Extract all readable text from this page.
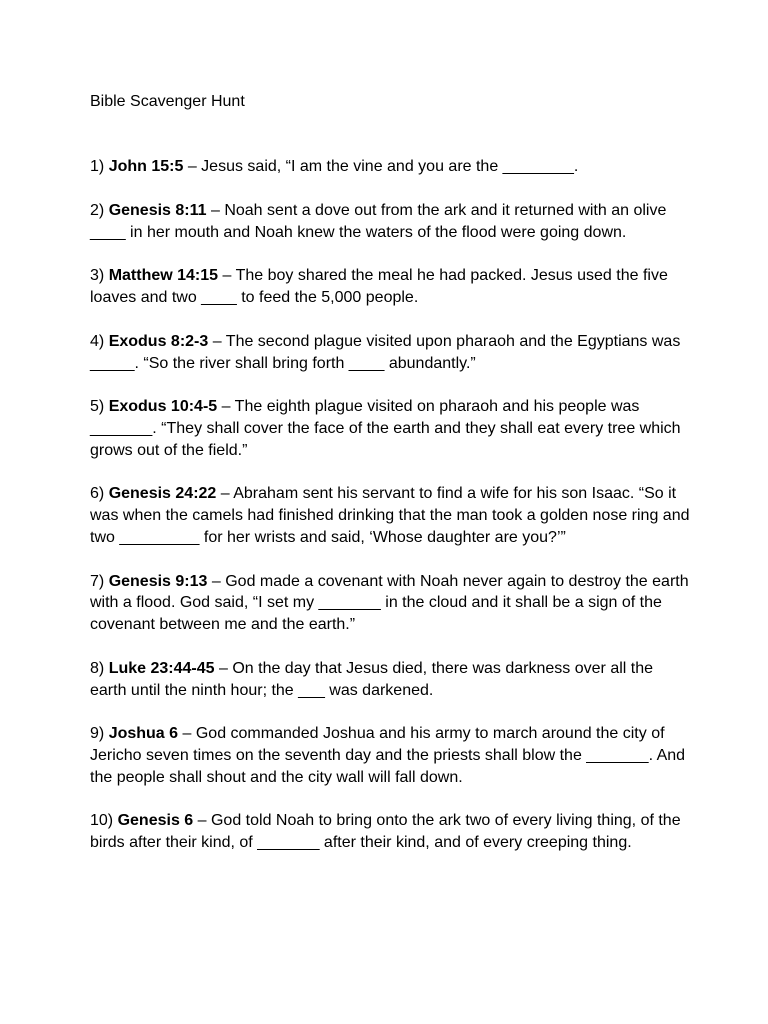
Bible Scavenger Hunt
1) John 15:5 – Jesus said, “I am the vine and you are the ________.
2) Genesis 8:11 – Noah sent a dove out from the ark and it returned with an olive ____ in her mouth and Noah knew the waters of the flood were going down.
3) Matthew 14:15 – The boy shared the meal he had packed. Jesus used the five loaves and two ____ to feed the 5,000 people.
4) Exodus 8:2-3 – The second plague visited upon pharaoh and the Egyptians was _____. “So the river shall bring forth ____ abundantly.”
5) Exodus 10:4-5 – The eighth plague visited on pharaoh and his people was _______. “They shall cover the face of the earth and they shall eat every tree which grows out of the field.”
6) Genesis 24:22 – Abraham sent his servant to find a wife for his son Isaac. “So it was when the camels had finished drinking that the man took a golden nose ring and two _________ for her wrists and said, ‘Whose daughter are you?’”
7) Genesis 9:13 – God made a covenant with Noah never again to destroy the earth with a flood. God said, “I set my _______ in the cloud and it shall be a sign of the covenant between me and the earth.”
8) Luke 23:44-45 – On the day that Jesus died, there was darkness over all the earth until the ninth hour; the ___ was darkened.
9) Joshua 6 – God commanded Joshua and his army to march around the city of Jericho seven times on the seventh day and the priests shall blow the _______. And the people shall shout and the city wall will fall down.
10) Genesis 6 – God told Noah to bring onto the ark two of every living thing, of the birds after their kind, of _______ after their kind, and of every creeping thing.
